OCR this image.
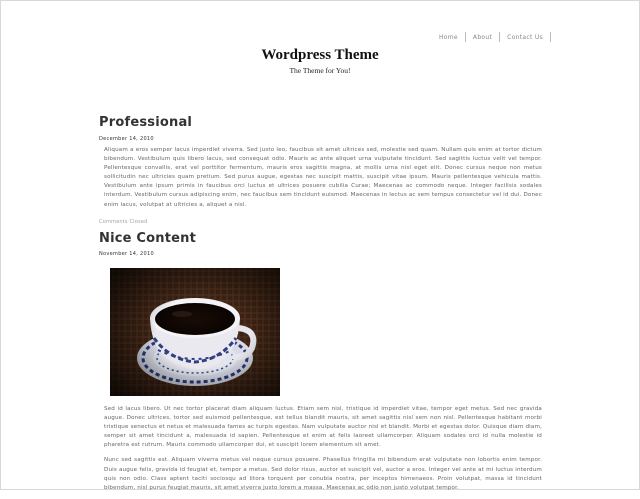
Home	About	Contact Us
Wordpress Theme
The Theme for You!
Professional
December 14, 2010

Aliquam a eros semper lacus imperdiet viverra. Sed justo leo, faucibus sit amet ultrices sed, molestie sed quam. Nullam quis enim at tortor dictum bibendum. Vestibulum quis libero lacus, sed consequat odio. Mauris ac ante aliquet urna vulputate tincidunt. Sed sagittis luctus velit vel tempor. Pellentesque convallis, erat vel porttitor fermentum, mauris eros sagittis magna, at mollis urna nisl eget elit. Donec cursus neque non metus sollicitudin nec ultricies quam pretium. Sed purus augue, egestas nec suscipit mattis, suscipit vitae ipsum. Mauris pellentesque vehicula mattis. Vestibulum ante ipsum primis in faucibus orci luctus et ultrices posuere cubilia Curae; Maecenas ac commodo neque. Integer facilisis sodales interdum. Vestibulum cursus adipiscing enim, nec faucibus sem tincidunt euismod. Maecenas in lectus ac sem tempus consectetur vel id dui. Donec enim lacus, volutpat at ultricies a, aliquet a nisl.

Comments Closed
Nice Content
November 14, 2010

Sed id lacus libero. Ut nec tortor placerat diam aliquam luctus. Etiam sem nisl, tristique id imperdiet vitae, tempor eget metus. Sed nec gravida augue. Donec ultrices, tortor sed euismod pellentesque, est tellus blandit mauris, sit amet sagittis nisl sem non nisl. Pellentesque habitant morbi tristique senectus et netus et malesuada fames ac turpis egestas. Nam vulputate auctor nisl et blandit. Morbi et egestas dolor. Quisque diam diam, semper sit amet tincidunt a, malesuada id sapien. Pellentesque et enim at felis laoreet ullamcorper. Aliquam sodales orci id nulla molestie id pharetra est rutrum. Mauris commodo ullamcorper dui, et suscipit lorem elementum sit amet.

Nunc sed sagittis est. Aliquam viverra metus vel neque cursus posuere. Phasellus fringilla mi bibendum erat vulputate non lobortis enim tempor. Duis augue felis, gravida id feugiat et, tempor a metus. Sed dolor risus, auctor et suscipit vel, auctor a eros. Integer vel ante at mi luctus interdum quis non odio. Class aptent taciti sociosqu ad litora torquent per conubia nostra, per inceptos himenaeos. Proin volutpat, massa id tincidunt bibendum, nisl purus feugiat mauris, sit amet viverra justo lorem a massa. Maecenas ac odio non justo volutpat tempor.
